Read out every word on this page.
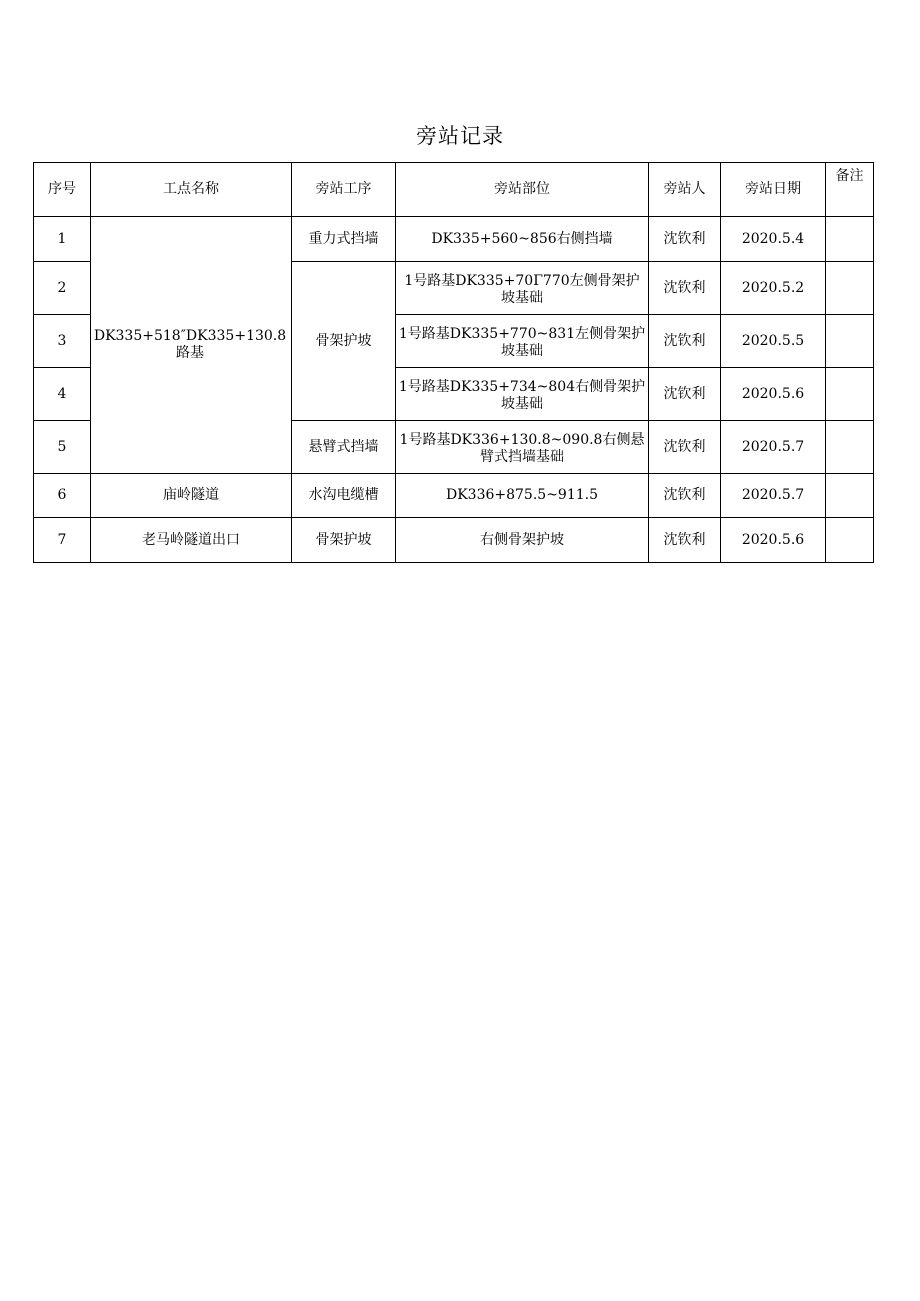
旁站记录
序号	工点名称	旁站工序	旁站部位	旁站人	旁站日期	备注
1	DK335+518″DK335+130.8路基	重力式挡墙	DK335+560~856右侧挡墙	沈钦利	2020.5.4	
2		骨架护坡	1号路基DK335+70Γ770左侧骨架护坡基础	沈钦利	2020.5.2	
3			1号路基DK335+770~831左侧骨架护坡基础	沈钦利	2020.5.5	
4			1号路基DK335+734~804右侧骨架护坡基础	沈钦利	2020.5.6	
5		悬臂式挡墙	1号路基DK336+130.8~090.8右侧悬臂式挡墙基础	沈钦利	2020.5.7	
6	庙岭隧道	水沟电缆槽	DK336+875.5~911.5	沈钦利	2020.5.7	
7	老马岭隧道出口	骨架护坡	右侧骨架护坡	沈钦利	2020.5.6	
